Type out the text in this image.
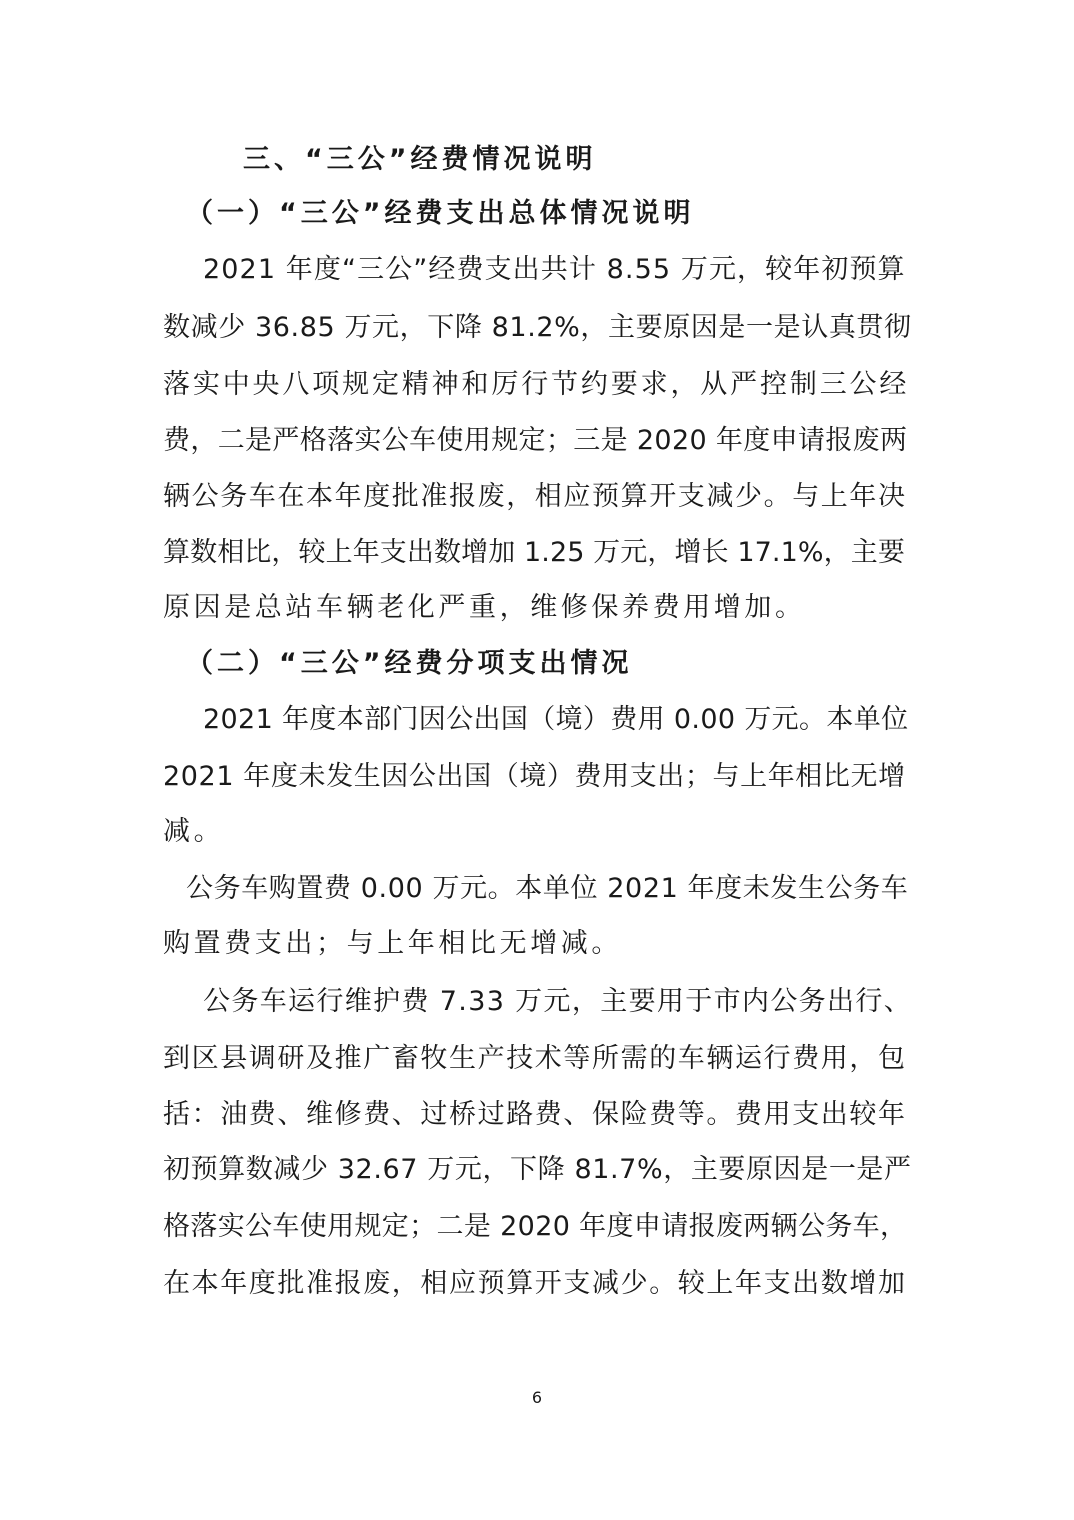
三、“三公”经费情况说明
（一）“三公”经费支出总体情况说明
2021 年度“三公”经费支出共计 8.55 万元，较年初预算
数减少 36.85 万元，下降 81.2%，主要原因是一是认真贯彻
落实中央八项规定精神和厉行节约要求，从严控制三公经
费，二是严格落实公车使用规定；三是 2020 年度申请报废两
辆公务车在本年度批准报废，相应预算开支减少。与上年决
算数相比，较上年支出数增加 1.25 万元，增长 17.1%，主要
原因是总站车辆老化严重，维修保养费用增加。
（二）“三公”经费分项支出情况
2021 年度本部门因公出国（境）费用 0.00 万元。本单位
2021 年度未发生因公出国（境）费用支出；与上年相比无增
减。
公务车购置费 0.00 万元。本单位 2021 年度未发生公务车
购置费支出；与上年相比无增减。
公务车运行维护费 7.33 万元，主要用于市内公务出行、
到区县调研及推广畜牧生产技术等所需的车辆运行费用，包
括：油费、维修费、过桥过路费、保险费等。费用支出较年
初预算数减少 32.67 万元，下降 81.7%，主要原因是一是严
格落实公车使用规定；二是 2020 年度申请报废两辆公务车，
在本年度批准报废，相应预算开支减少。较上年支出数增加
6
